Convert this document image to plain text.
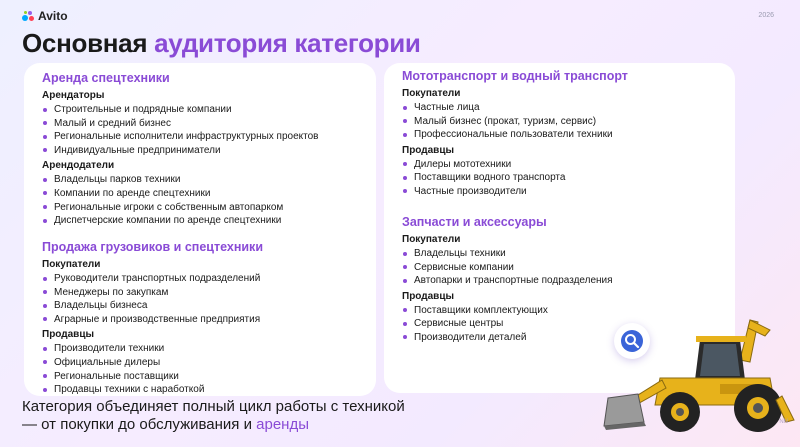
Avito	2026
Основная аудитория категории
Аренда спецтехники
Арендаторы
Строительные и подрядные компании
Малый и средний бизнес
Региональные исполнители инфраструктурных проектов
Индивидуальные предприниматели
Арендодатели
Владельцы парков техники
Компании по аренде спецтехники
Региональные игроки с собственным автопарком
Диспетчерские компании по аренде спецтехники
Продажа грузовиков и спецтехники
Покупатели
Руководители транспортных подразделений
Менеджеры по закупкам
Владельцы бизнеса
Аграрные и производственные предприятия
Продавцы
Производители техники
Официальные дилеры
Региональные поставщики
Продавцы техники с наработкой
Мототранспорт и водный транспорт
Покупатели
Частные лица
Малый бизнес (прокат, туризм, сервис)
Профессиональные пользователи техники
Продавцы
Дилеры мототехники
Поставщики водного транспорта
Частные производители
Запчасти и аксессуары
Покупатели
Владельцы техники
Сервисные компании
Автопарки и транспортные подразделения
Продавцы
Поставщики комплектующих
Сервисные центры
Производители деталей
Категория объединяет полный цикл работы с техникой
— от покупки до обслуживания и аренды	NN
